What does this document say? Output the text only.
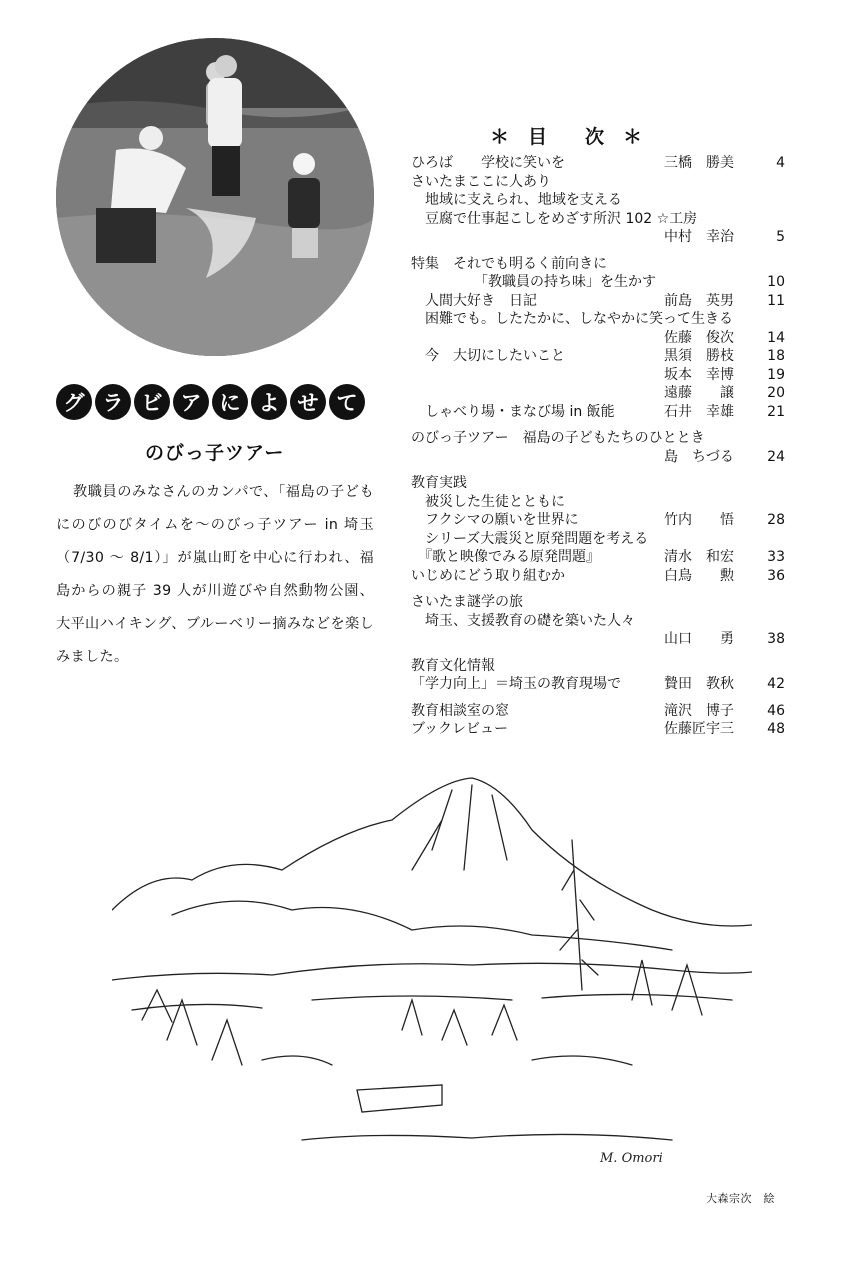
グ ラ ビ ア に よ せ て
のびっ子ツアー
教職員のみなさんのカンパで、「福島の子どもにのびのびタイムを〜のびっ子ツアー in 埼玉（7/30 〜 8/1）」が嵐山町を中心に行われ、福島からの親子 39 人が川遊びや自然動物公園、大平山ハイキング、ブルーベリー摘みなどを楽しみました。
＊　目　　次　＊
ひろば　　学校に笑いを	三橋　勝美	4
さいたまここに人あり
　地域に支えられ、地域を支える
　豆腐で仕事起こしをめざす所沢 102 ☆工房
中村　幸治	5
特集　それでも明るく前向きに
　　　　　「教職員の持ち味」を生かす	10
　人間大好き　日記	前島　英男 11
　困難でも。したたかに、しなやかに笑って生きる
佐藤　俊次 14
　今　大切にしたいこと	黒須　勝枝 18
坂本　幸博 19
遠藤　　譲 20
　しゃべり場・まなび場 in 飯能	石井　幸雄 21
のびっ子ツアー　福島の子どもたちのひととき
島　ちづる 24
教育実践
　被災した生徒とともに
　フクシマの願いを世界に	竹内　　悟 28
　シリーズ大震災と原発問題を考える
　『歌と映像でみる原発問題』	清水　和宏 33
いじめにどう取り組むか	白鳥　　勲 36
さいたま謎学の旅
　埼玉、支援教育の礎を築いた人々
山口　　勇 38
教育文化情報
「学力向上」＝埼玉の教育現場で	贄田　教秋 42
教育相談室の窓	滝沢　博子 46
ブックレビュー	佐藤匠宇三 48
M. Omori
大森宗次　絵
